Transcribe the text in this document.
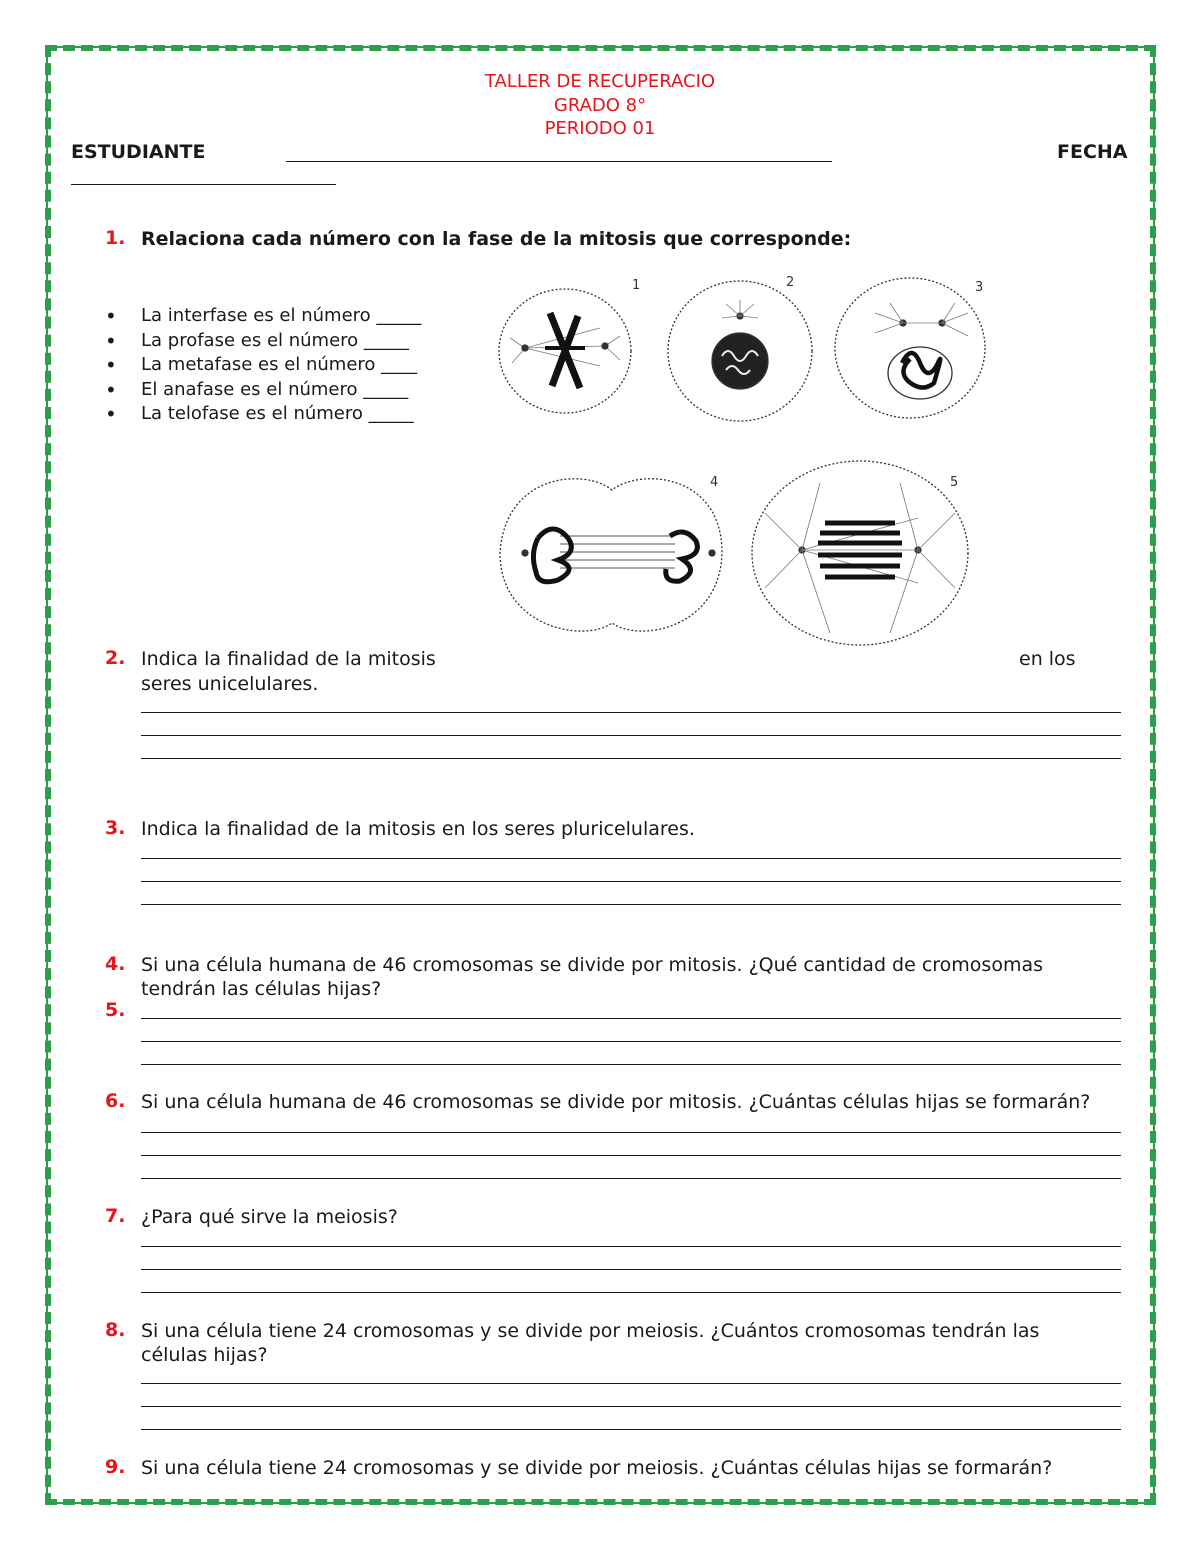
TALLER DE RECUPERACIO
GRADO 8°
PERIODO 01
ESTUDIANTE	FECHA
1. Relaciona cada número con la fase de la mitosis que corresponde:
• La interfase es el número _____
• La profase es el número _____
• La metafase es el número ____
• El anafase es el número _____
• La telofase es el número _____
1	2	3
4	5
2. Indica la finalidad de la mitosis	en los
seres unicelulares.
3. Indica la finalidad de la mitosis en los seres pluricelulares.
4. Si una célula humana de 46 cromosomas se divide por mitosis. ¿Qué cantidad de cromosomas
tendrán las células hijas?
5.
6. Si una célula humana de 46 cromosomas se divide por mitosis. ¿Cuántas células hijas se formarán?
7. ¿Para qué sirve la meiosis?
8. Si una célula tiene 24 cromosomas y se divide por meiosis. ¿Cuántos cromosomas tendrán las
células hijas?
9. Si una célula tiene 24 cromosomas y se divide por meiosis. ¿Cuántas células hijas se formarán?
